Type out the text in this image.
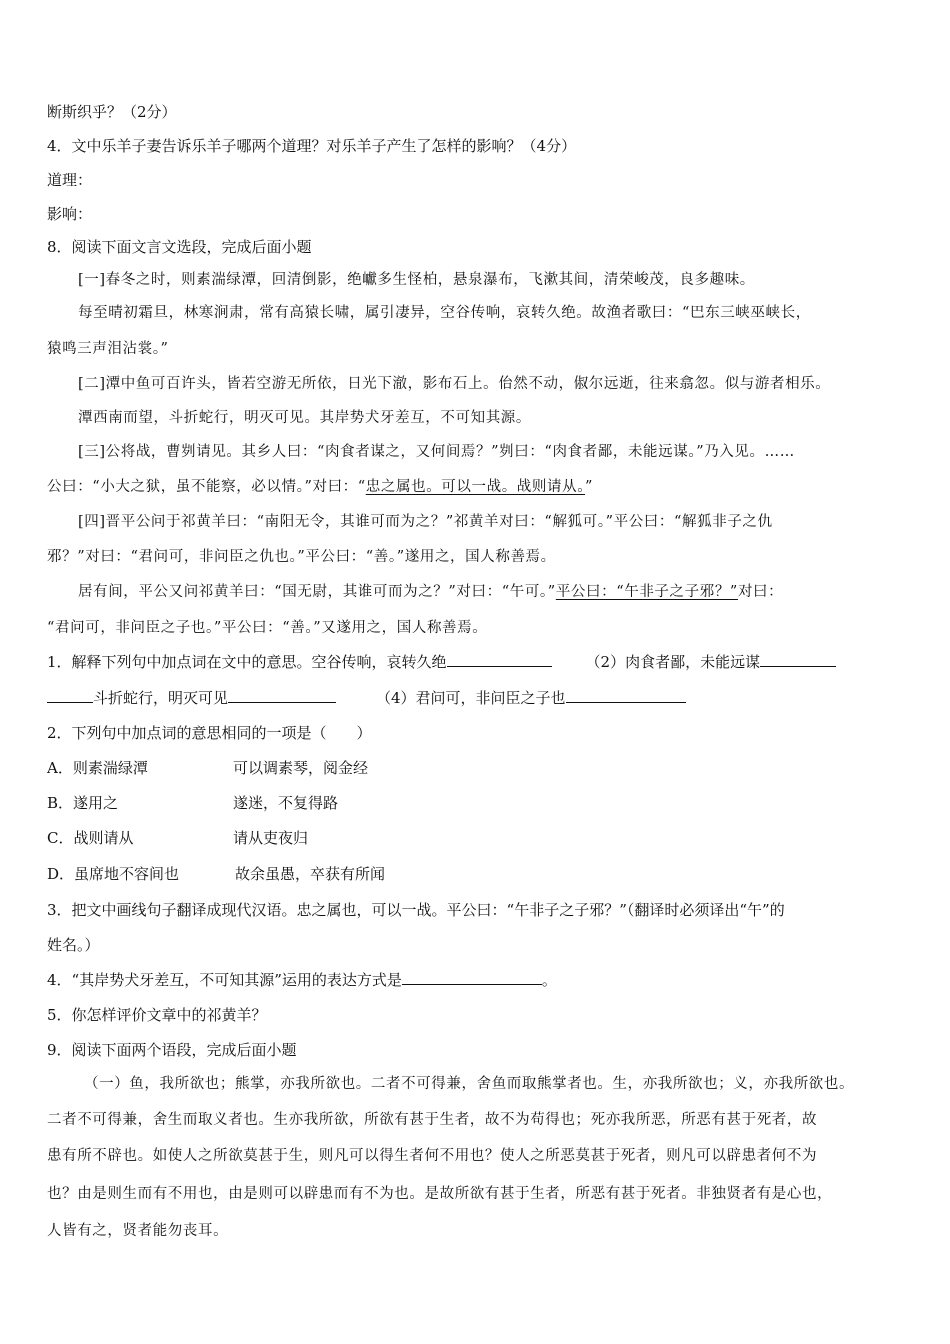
断斯织乎？（2分）
4．文中乐羊子妻告诉乐羊子哪两个道理？对乐羊子产生了怎样的影响？（4分）
道理：
影响：
8．阅读下面文言文选段，完成后面小题
[一]春冬之时，则素湍绿潭，回清倒影，绝巘多生怪柏，悬泉瀑布，飞漱其间，清荣峻茂，良多趣味。
每至晴初霜旦，林寒涧肃，常有高猿长啸，属引凄异，空谷传响，哀转久绝。故渔者歌曰：“巴东三峡巫峡长，
猿鸣三声泪沾裳。”
[二]潭中鱼可百许头，皆若空游无所依，日光下澈，影布石上。佁然不动，俶尔远逝，往来翕忽。似与游者相乐。
潭西南而望，斗折蛇行，明灭可见。其岸势犬牙差互，不可知其源。
[三]公将战，曹刿请见。其乡人曰：“肉食者谋之，又何间焉？”刿曰：“肉食者鄙，未能远谋。”乃入见。……
公曰：“小大之狱，虽不能察，必以情。”对曰：“忠之属也。可以一战。战则请从。”
[四]晋平公问于祁黄羊曰：“南阳无令，其谁可而为之？”祁黄羊对曰：“解狐可。”平公曰：“解狐非子之仇
邪？”对曰：“君问可，非问臣之仇也。”平公曰：“善。”遂用之，国人称善焉。
居有间，平公又问祁黄羊曰：“国无尉，其谁可而为之？”对曰：“午可。”平公曰：“午非子之子邪？”对曰：
“君问可，非问臣之子也。”平公曰：“善。”又遂用之，国人称善焉。
1．解释下列句中加点词在文中的意思。空谷传响，哀转久绝	（2）肉食者鄙，未能远谋
斗折蛇行，明灭可见	（4）君问可，非问臣之子也
2．下列句中加点词的意思相同的一项是（　　）
A．则素湍绿潭	可以调素琴，阅金经
B．遂用之	遂迷，不复得路
C．战则请从	请从吏夜归
D．虽席地不容间也	故余虽愚，卒获有所闻
3．把文中画线句子翻译成现代汉语。忠之属也，可以一战。平公曰：“午非子之子邪？”（翻译时必须译出“午”的
姓名。）
4．“其岸势犬牙差互，不可知其源”运用的表达方式是	。
5．你怎样评价文章中的祁黄羊？
9．阅读下面两个语段，完成后面小题
（一）鱼，我所欲也；熊掌，亦我所欲也。二者不可得兼，舍鱼而取熊掌者也。生，亦我所欲也；义，亦我所欲也。
二者不可得兼，舍生而取义者也。生亦我所欲，所欲有甚于生者，故不为苟得也；死亦我所恶，所恶有甚于死者，故
患有所不辟也。如使人之所欲莫甚于生，则凡可以得生者何不用也？使人之所恶莫甚于死者，则凡可以辟患者何不为
也？由是则生而有不用也，由是则可以辟患而有不为也。是故所欲有甚于生者，所恶有甚于死者。非独贤者有是心也，
人皆有之，贤者能勿丧耳。
